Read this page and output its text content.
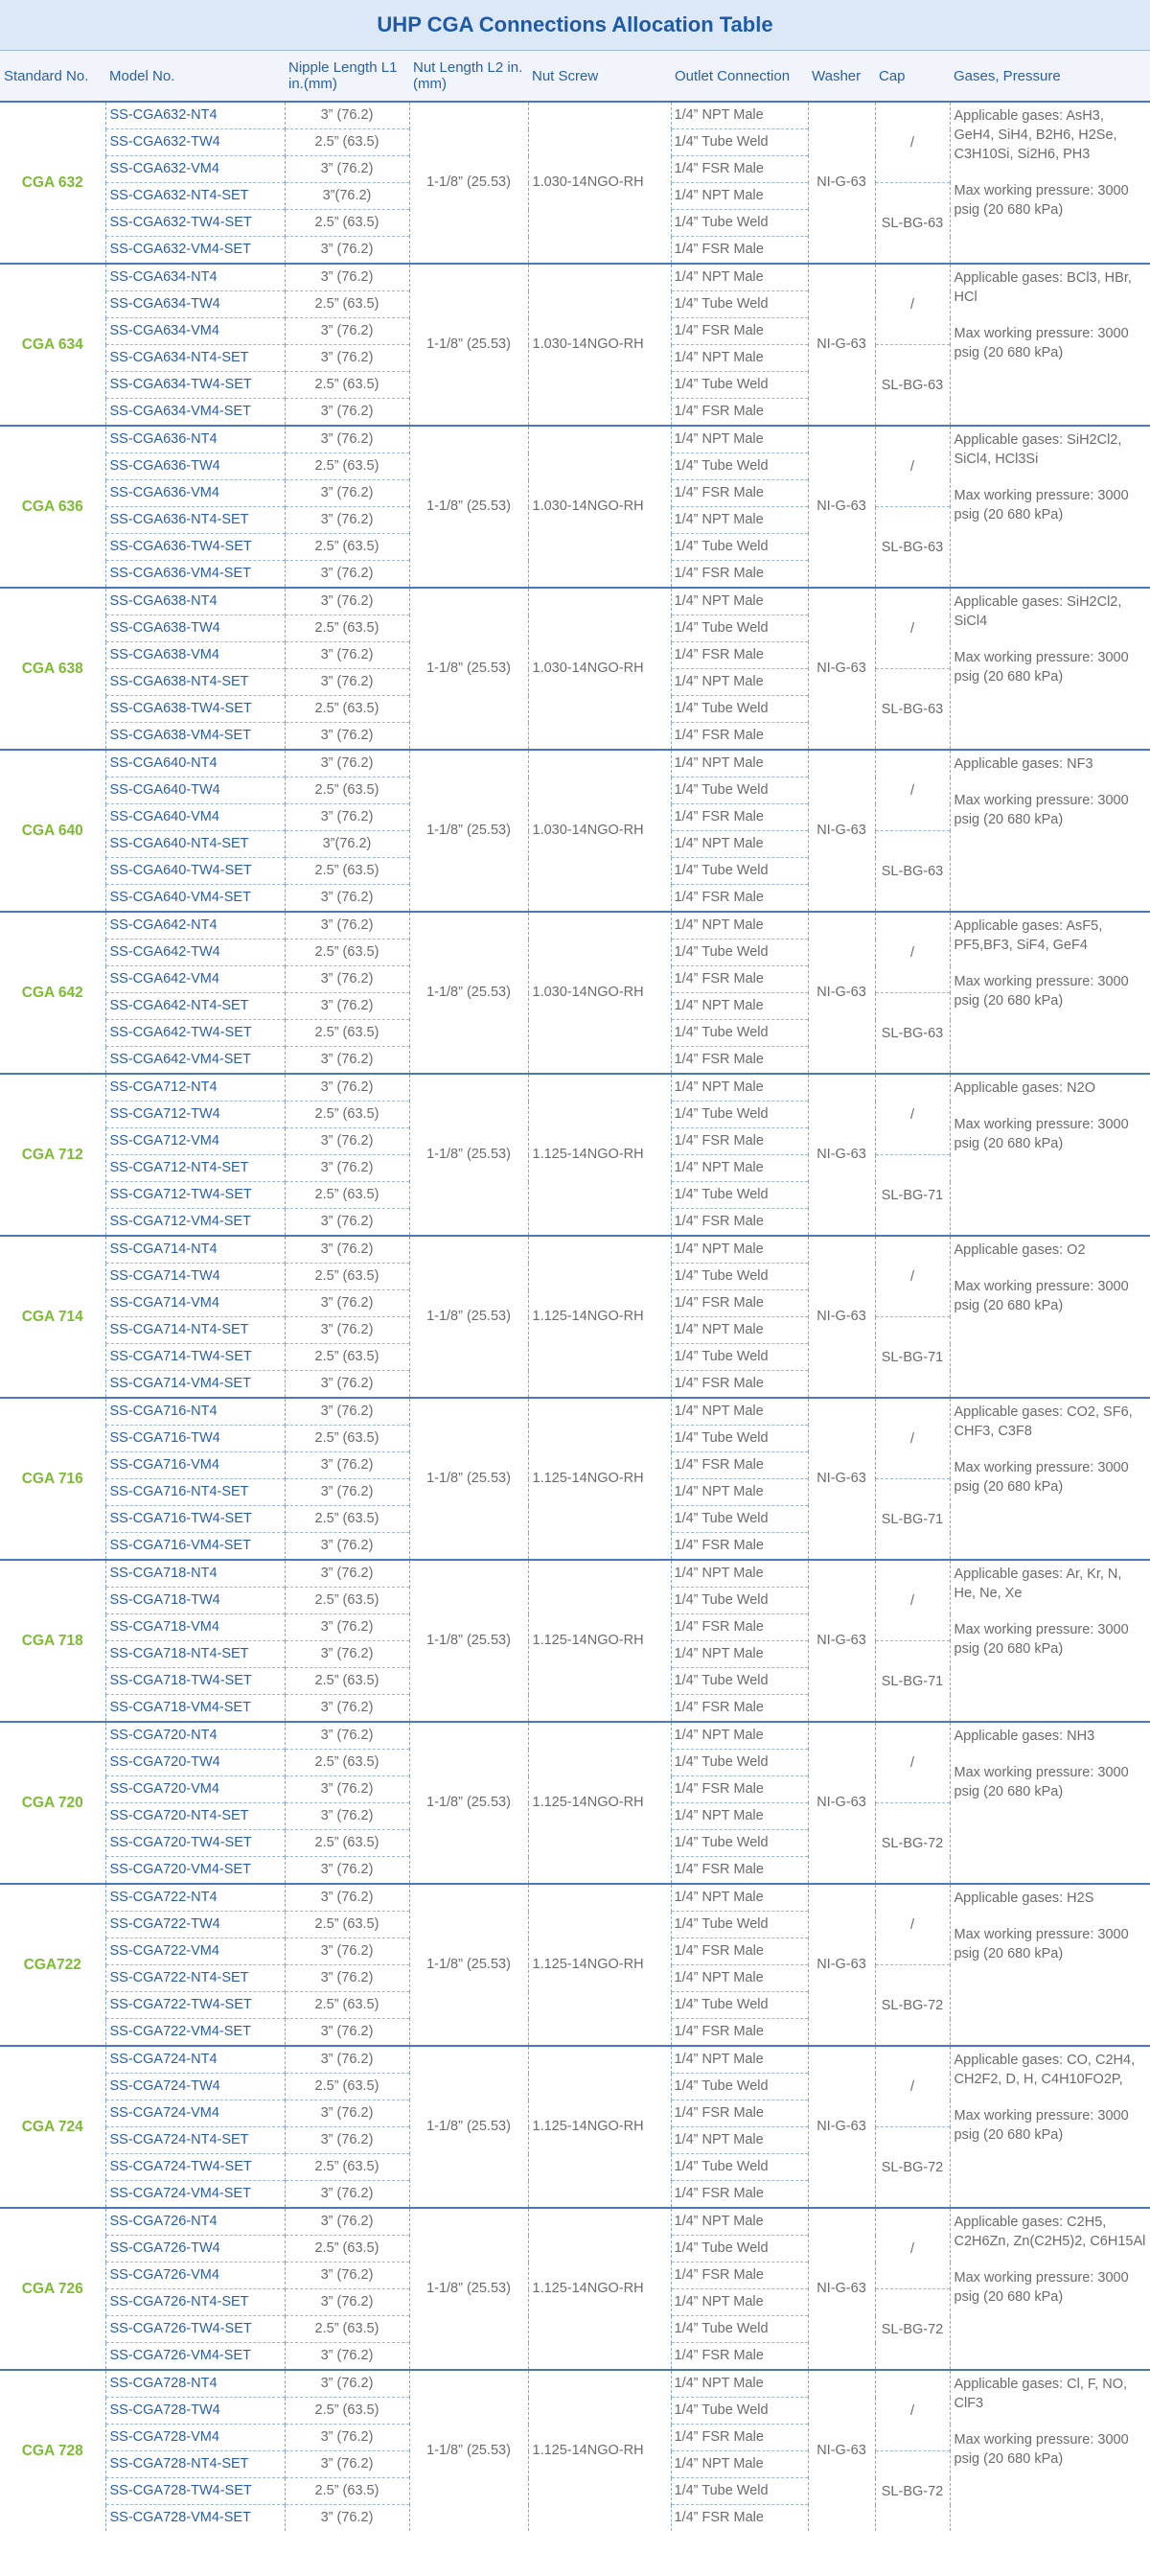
UHP CGA Connections Allocation Table
Standard No.	Model No.	Nipple Length L1 in.(mm)	Nut Length L2 in.(mm)	Nut Screw	Outlet Connection	Washer	Cap	Gases, Pressure
CGA 632	SS-CGA632-NT4	3” (76.2)	1-1/8” (25.53)	1.030-14NGO-RH	1/4” NPT Male	NI-G-63	/	Applicable gases: AsH3, GeH4, SiH4, B2H6, H2Se, C3H10Si, Si2H6, PH3
Max working pressure: 3000 psig (20 680 kPa)

	SS-CGA632-TW4	2.5” (63.5)			1/4” Tube Weld			
	SS-CGA632-VM4	3” (76.2)			1/4” FSR Male			
	SS-CGA632-NT4-SET	3”(76.2)			1/4” NPT Male		SL-BG-63	
	SS-CGA632-TW4-SET	2.5” (63.5)			1/4” Tube Weld			
	SS-CGA632-VM4-SET	3” (76.2)			1/4” FSR Male			
CGA 634	SS-CGA634-NT4	3” (76.2)	1-1/8” (25.53)	1.030-14NGO-RH	1/4” NPT Male	NI-G-63	/	Applicable gases: BCl3, HBr, HCl
Max working pressure: 3000 psig (20 680 kPa)

	SS-CGA634-TW4	2.5” (63.5)			1/4” Tube Weld			
	SS-CGA634-VM4	3” (76.2)			1/4” FSR Male			
	SS-CGA634-NT4-SET	3” (76.2)			1/4” NPT Male		SL-BG-63	
	SS-CGA634-TW4-SET	2.5” (63.5)			1/4” Tube Weld			
	SS-CGA634-VM4-SET	3” (76.2)			1/4” FSR Male			
CGA 636	SS-CGA636-NT4	3” (76.2)	1-1/8” (25.53)	1.030-14NGO-RH	1/4” NPT Male	NI-G-63	/	Applicable gases: SiH2Cl2, SiCl4, HCl3Si
Max working pressure: 3000 psig (20 680 kPa)

	SS-CGA636-TW4	2.5” (63.5)			1/4” Tube Weld			
	SS-CGA636-VM4	3” (76.2)			1/4” FSR Male			
	SS-CGA636-NT4-SET	3” (76.2)			1/4” NPT Male		SL-BG-63	
	SS-CGA636-TW4-SET	2.5” (63.5)			1/4” Tube Weld			
	SS-CGA636-VM4-SET	3” (76.2)			1/4” FSR Male			
CGA 638	SS-CGA638-NT4	3” (76.2)	1-1/8” (25.53)	1.030-14NGO-RH	1/4” NPT Male	NI-G-63	/	Applicable gases: SiH2Cl2, SiCl4
Max working pressure: 3000 psig (20 680 kPa)

	SS-CGA638-TW4	2.5” (63.5)			1/4” Tube Weld			
	SS-CGA638-VM4	3” (76.2)			1/4” FSR Male			
	SS-CGA638-NT4-SET	3” (76.2)			1/4” NPT Male		SL-BG-63	
	SS-CGA638-TW4-SET	2.5” (63.5)			1/4” Tube Weld			
	SS-CGA638-VM4-SET	3” (76.2)			1/4” FSR Male			
CGA 640	SS-CGA640-NT4	3” (76.2)	1-1/8” (25.53)	1.030-14NGO-RH	1/4” NPT Male	NI-G-63	/	Applicable gases: NF3
Max working pressure: 3000 psig (20 680 kPa)

	SS-CGA640-TW4	2.5” (63.5)			1/4” Tube Weld			
	SS-CGA640-VM4	3” (76.2)			1/4” FSR Male			
	SS-CGA640-NT4-SET	3”(76.2)			1/4” NPT Male		SL-BG-63	
	SS-CGA640-TW4-SET	2.5” (63.5)			1/4” Tube Weld			
	SS-CGA640-VM4-SET	3” (76.2)			1/4” FSR Male			
CGA 642	SS-CGA642-NT4	3” (76.2)	1-1/8” (25.53)	1.030-14NGO-RH	1/4” NPT Male	NI-G-63	/	Applicable gases: AsF5, PF5,BF3, SiF4, GeF4
Max working pressure: 3000 psig (20 680 kPa)

	SS-CGA642-TW4	2.5” (63.5)			1/4” Tube Weld			
	SS-CGA642-VM4	3” (76.2)			1/4” FSR Male			
	SS-CGA642-NT4-SET	3” (76.2)			1/4” NPT Male		SL-BG-63	
	SS-CGA642-TW4-SET	2.5” (63.5)			1/4” Tube Weld			
	SS-CGA642-VM4-SET	3” (76.2)			1/4” FSR Male			
CGA 712	SS-CGA712-NT4	3” (76.2)	1-1/8” (25.53)	1.125-14NGO-RH	1/4” NPT Male	NI-G-63	/	Applicable gases: N2O
Max working pressure: 3000 psig (20 680 kPa)

	SS-CGA712-TW4	2.5” (63.5)			1/4” Tube Weld			
	SS-CGA712-VM4	3” (76.2)			1/4” FSR Male			
	SS-CGA712-NT4-SET	3” (76.2)			1/4” NPT Male		SL-BG-71	
	SS-CGA712-TW4-SET	2.5” (63.5)			1/4” Tube Weld			
	SS-CGA712-VM4-SET	3” (76.2)			1/4” FSR Male			
CGA 714	SS-CGA714-NT4	3” (76.2)	1-1/8” (25.53)	1.125-14NGO-RH	1/4” NPT Male	NI-G-63	/	Applicable gases: O2
Max working pressure: 3000 psig (20 680 kPa)

	SS-CGA714-TW4	2.5” (63.5)			1/4” Tube Weld			
	SS-CGA714-VM4	3” (76.2)			1/4” FSR Male			
	SS-CGA714-NT4-SET	3” (76.2)			1/4” NPT Male		SL-BG-71	
	SS-CGA714-TW4-SET	2.5” (63.5)			1/4” Tube Weld			
	SS-CGA714-VM4-SET	3” (76.2)			1/4” FSR Male			
CGA 716	SS-CGA716-NT4	3” (76.2)	1-1/8” (25.53)	1.125-14NGO-RH	1/4” NPT Male	NI-G-63	/	Applicable gases: CO2, SF6, CHF3, C3F8
Max working pressure: 3000 psig (20 680 kPa)

	SS-CGA716-TW4	2.5” (63.5)			1/4” Tube Weld			
	SS-CGA716-VM4	3” (76.2)			1/4” FSR Male			
	SS-CGA716-NT4-SET	3” (76.2)			1/4” NPT Male		SL-BG-71	
	SS-CGA716-TW4-SET	2.5” (63.5)			1/4” Tube Weld			
	SS-CGA716-VM4-SET	3” (76.2)			1/4” FSR Male			
CGA 718	SS-CGA718-NT4	3” (76.2)	1-1/8” (25.53)	1.125-14NGO-RH	1/4” NPT Male	NI-G-63	/	Applicable gases: Ar, Kr, N, He, Ne, Xe
Max working pressure: 3000 psig (20 680 kPa)

	SS-CGA718-TW4	2.5” (63.5)			1/4” Tube Weld			
	SS-CGA718-VM4	3” (76.2)			1/4” FSR Male			
	SS-CGA718-NT4-SET	3” (76.2)			1/4” NPT Male		SL-BG-71	
	SS-CGA718-TW4-SET	2.5” (63.5)			1/4” Tube Weld			
	SS-CGA718-VM4-SET	3” (76.2)			1/4” FSR Male			
CGA 720	SS-CGA720-NT4	3” (76.2)	1-1/8” (25.53)	1.125-14NGO-RH	1/4” NPT Male	NI-G-63	/	Applicable gases: NH3
Max working pressure: 3000 psig (20 680 kPa)

	SS-CGA720-TW4	2.5” (63.5)			1/4” Tube Weld			
	SS-CGA720-VM4	3” (76.2)			1/4” FSR Male			
	SS-CGA720-NT4-SET	3” (76.2)			1/4” NPT Male		SL-BG-72	
	SS-CGA720-TW4-SET	2.5” (63.5)			1/4” Tube Weld			
	SS-CGA720-VM4-SET	3” (76.2)			1/4” FSR Male			
CGA722	SS-CGA722-NT4	3” (76.2)	1-1/8” (25.53)	1.125-14NGO-RH	1/4” NPT Male	NI-G-63	/	Applicable gases: H2S
Max working pressure: 3000 psig (20 680 kPa)

	SS-CGA722-TW4	2.5” (63.5)			1/4” Tube Weld			
	SS-CGA722-VM4	3” (76.2)			1/4” FSR Male			
	SS-CGA722-NT4-SET	3” (76.2)			1/4” NPT Male		SL-BG-72	
	SS-CGA722-TW4-SET	2.5” (63.5)			1/4” Tube Weld			
	SS-CGA722-VM4-SET	3” (76.2)			1/4” FSR Male			
CGA 724	SS-CGA724-NT4	3” (76.2)	1-1/8” (25.53)	1.125-14NGO-RH	1/4” NPT Male	NI-G-63	/	Applicable gases: CO, C2H4, CH2F2, D, H, C4H10FO2P,
Max working pressure: 3000 psig (20 680 kPa)

	SS-CGA724-TW4	2.5” (63.5)			1/4” Tube Weld			
	SS-CGA724-VM4	3” (76.2)			1/4” FSR Male			
	SS-CGA724-NT4-SET	3” (76.2)			1/4” NPT Male		SL-BG-72	
	SS-CGA724-TW4-SET	2.5” (63.5)			1/4” Tube Weld			
	SS-CGA724-VM4-SET	3” (76.2)			1/4” FSR Male			
CGA 726	SS-CGA726-NT4	3” (76.2)	1-1/8” (25.53)	1.125-14NGO-RH	1/4” NPT Male	NI-G-63	/	Applicable gases: C2H5, C2H6Zn, Zn(C2H5)2, C6H15Al
Max working pressure: 3000 psig (20 680 kPa)

	SS-CGA726-TW4	2.5” (63.5)			1/4” Tube Weld			
	SS-CGA726-VM4	3” (76.2)			1/4” FSR Male			
	SS-CGA726-NT4-SET	3” (76.2)			1/4” NPT Male		SL-BG-72	
	SS-CGA726-TW4-SET	2.5” (63.5)			1/4” Tube Weld			
	SS-CGA726-VM4-SET	3” (76.2)			1/4” FSR Male			
CGA 728	SS-CGA728-NT4	3” (76.2)	1-1/8” (25.53)	1.125-14NGO-RH	1/4” NPT Male	NI-G-63	/	Applicable gases: Cl, F, NO, ClF3
Max working pressure: 3000 psig (20 680 kPa)

	SS-CGA728-TW4	2.5” (63.5)			1/4” Tube Weld			
	SS-CGA728-VM4	3” (76.2)			1/4” FSR Male			
	SS-CGA728-NT4-SET	3” (76.2)			1/4” NPT Male		SL-BG-72	
	SS-CGA728-TW4-SET	2.5” (63.5)			1/4” Tube Weld			
	SS-CGA728-VM4-SET	3” (76.2)			1/4” FSR Male			
